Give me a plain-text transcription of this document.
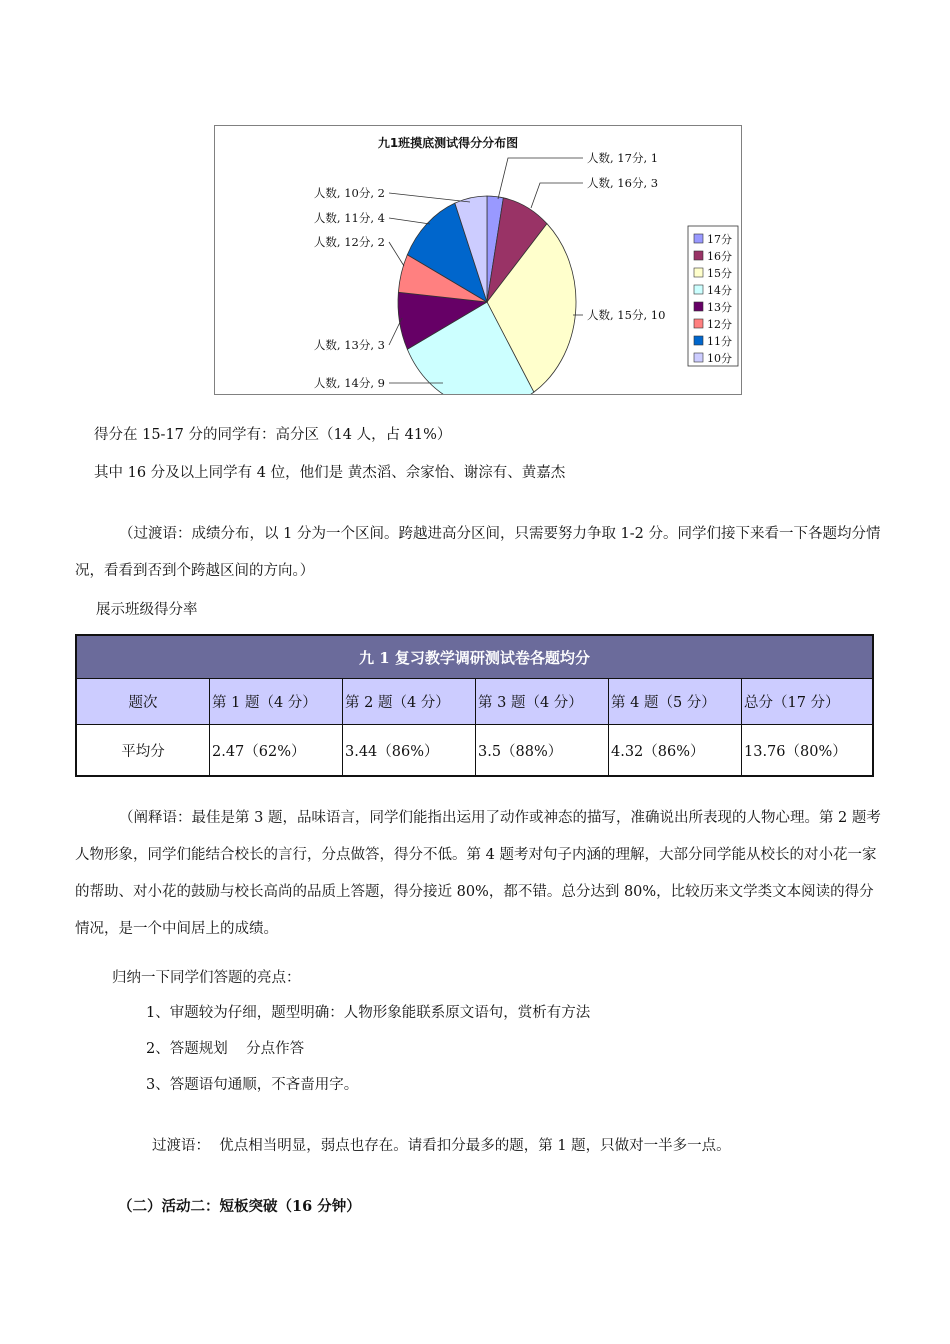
九1班摸底测试得分分布图
人数, 17分, 1
人数, 16分, 3
人数, 15分, 10
人数, 14分, 9
人数, 13分, 3
人数, 12分, 2
人数, 11分, 4
人数, 10分, 2
17分
16分
15分
14分
13分
12分
11分
10分
得分在 15-17 分的同学有：高分区（14 人，占 41%）
其中 16 分及以上同学有 4 位，他们是 黄杰滔、佘家怡、谢淙有、黄嘉杰
（过渡语：成绩分布，以 1 分为一个区间。跨越进高分区间，只需要努力争取 1-2 分。同学们接下来看一下各题均分情况，看看到否到个跨越区间的方向。）
展示班级得分率
九 1 复习教学调研测试卷各题均分					
题次	第 1 题（4 分）	第 2 题（4 分）	第 3 题（4 分）	第 4 题（5 分）	总分（17 分）
平均分	2.47（62%）	3.44（86%）	3.5（88%）	4.32（86%）	13.76（80%）
（阐释语：最佳是第 3 题，品味语言，同学们能指出运用了动作或神态的描写，准确说出所表现的人物心理。第 2 题考人物形象，同学们能结合校长的言行，分点做答，得分不低。第 4 题考对句子内涵的理解，大部分同学能从校长的对小花一家的帮助、对小花的鼓励与校长高尚的品质上答题，得分接近 80%，都不错。总分达到 80%，比较历来文学类文本阅读的得分情况，是一个中间居上的成绩。
归纳一下同学们答题的亮点：
1、审题较为仔细，题型明确：人物形象能联系原文语句，赏析有方法
2、答题规划    分点作答
3、答题语句通顺，不吝啬用字。
过渡语：  优点相当明显，弱点也存在。请看扣分最多的题，第 1 题，只做对一半多一点。
（二）活动二：短板突破（16 分钟）
